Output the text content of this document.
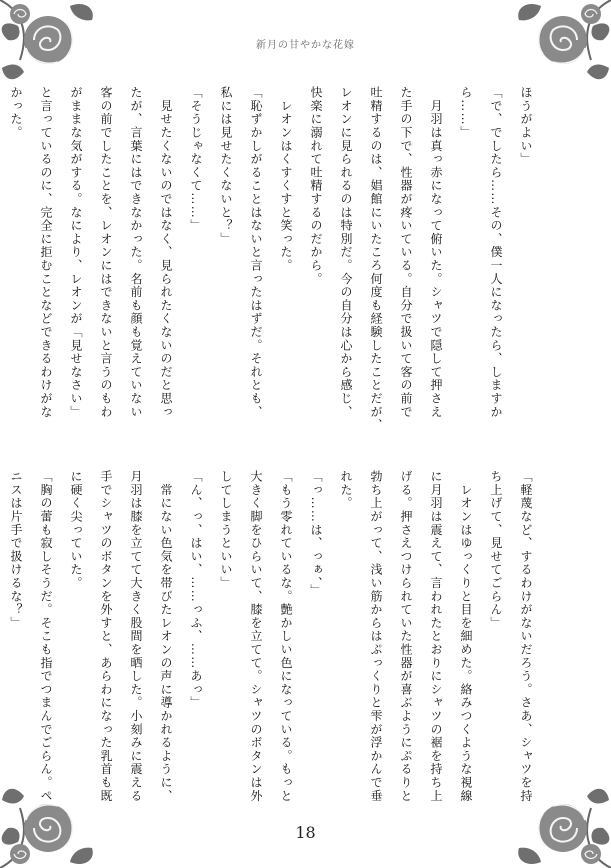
新月の甘やかな花嫁

ほうがよい」

「で、でしたら……その、僕一人になったら、しますか

ら……」

　月羽は真っ赤になって俯いた。シャツで隠して押さえ

た手の下で、性器が疼いている。自分で扱いて客の前で

吐精するのは、娼館にいたころ何度も経験したことだが、

レオンに見られるのは特別だ。今の自分は心から感じ、

快楽に溺れて吐精するのだから。

　レオンはくすくすと笑った。

「恥ずかしがることはないと言ったはずだ。それとも、

私には見せたくないと？」

「そうじゃなくて……」

　見せたくないのではなく、見られたくないのだと思っ

たが、言葉にはできなかった。名前も顔も覚えていない

客の前でしたことを、レオンにはできないと言うのもわ

がままな気がする。なにより、レオンが「見せなさい」

と言っているのに、完全に拒むことなどできるわけがな

かった。

「軽蔑など、するわけがないだろう。さあ、シャツを持

ち上げて、見せてごらん」

　レオンはゆっくりと目を細めた。絡みつくような視線

に月羽は震えて、言われたとおりにシャツの裾を持ち上

げる。押さえつけられていた性器が喜ぶようにぷるりと

勃ち上がって、浅い筋からはぷっくりと雫が浮かんで垂

れた。

「っ……は、っぁ、」

「もう零れているな。艶かしい色になっている。もっと

大きく脚をひらいて、膝を立てて。シャツのボタンは外

してしまうといい」

「ん、っ、はい、……っふ、……あっ」

　常にない色気を帯びたレオンの声に導かれるように、

月羽は膝を立てて大きく股間を晒した。小刻みに震える

手でシャツのボタンを外すと、あらわになった乳首も既

に硬く尖っていた。

「胸の蕾も寂しそうだ。そこも指でつまんでごらん。ペ

ニスは片手で扱けるな？」

18
